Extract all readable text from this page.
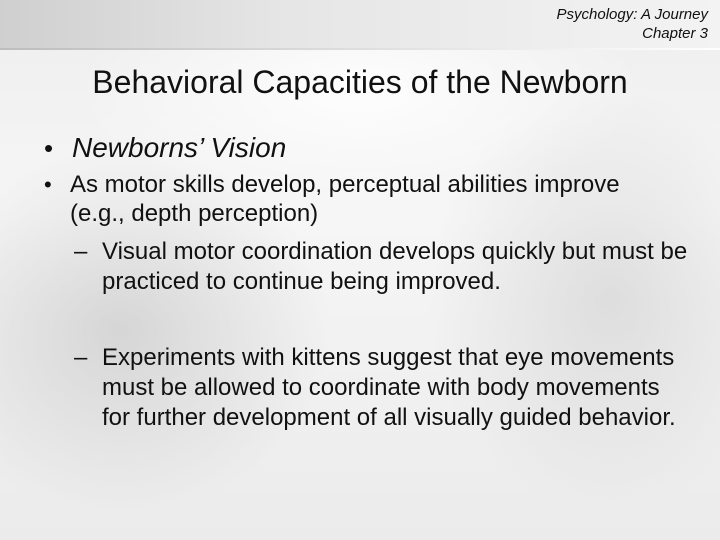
Psychology: A Journey
Chapter 3
Behavioral Capacities of the Newborn
• Newborns’ Vision
• As motor skills develop, perceptual abilities improve (e.g., depth perception)
– Visual motor coordination develops quickly but must be practiced to continue being improved.
– Experiments with kittens suggest that eye movements must be allowed to coordinate with body movements for further development of all visually guided behavior.
